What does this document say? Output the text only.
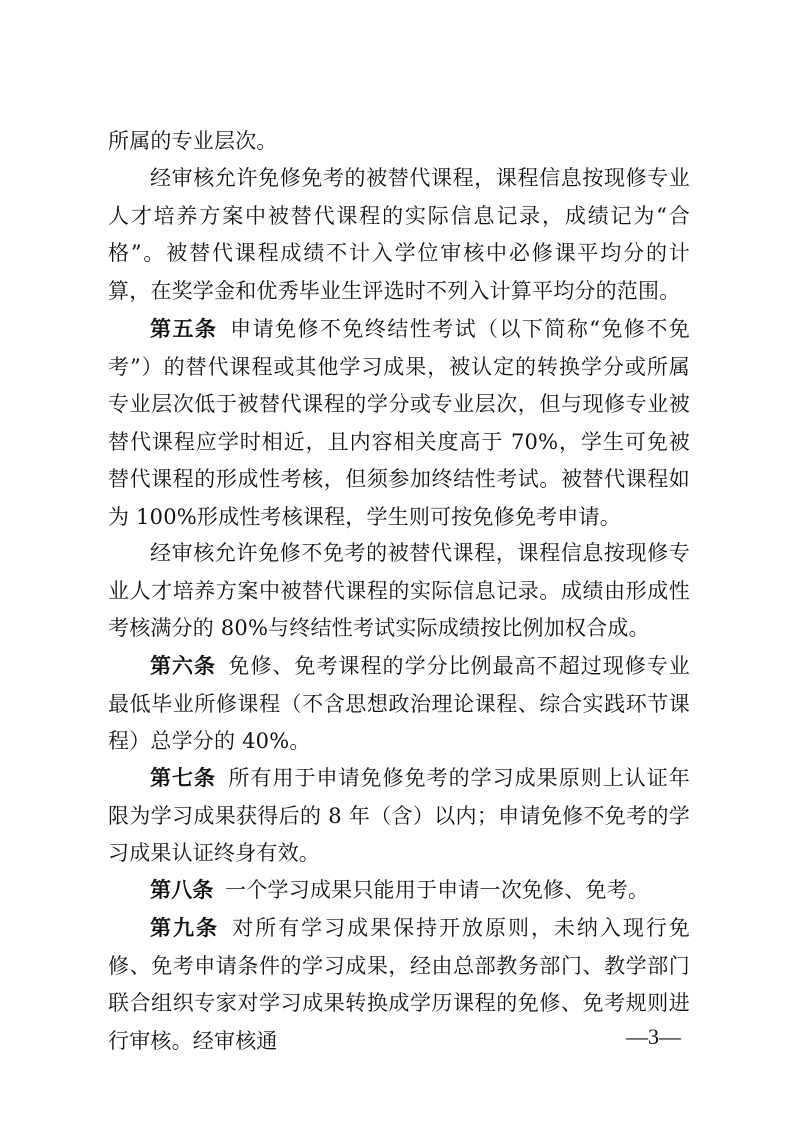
所属的专业层次。

经审核允许免修免考的被替代课程，课程信息按现修专业人才培养方案中被替代课程的实际信息记录，成绩记为“合格”。被替代课程成绩不计入学位审核中必修课平均分的计算，在奖学金和优秀毕业生评选时不列入计算平均分的范围。

第五条 申请免修不免终结性考试（以下简称“免修不免考”）的替代课程或其他学习成果，被认定的转换学分或所属专业层次低于被替代课程的学分或专业层次，但与现修专业被替代课程应学时相近，且内容相关度高于 70%，学生可免被替代课程的形成性考核，但须参加终结性考试。被替代课程如为 100%形成性考核课程，学生则可按免修免考申请。

经审核允许免修不免考的被替代课程，课程信息按现修专业人才培养方案中被替代课程的实际信息记录。成绩由形成性考核满分的 80%与终结性考试实际成绩按比例加权合成。

第六条 免修、免考课程的学分比例最高不超过现修专业最低毕业所修课程（不含思想政治理论课程、综合实践环节课程）总学分的 40%。

第七条 所有用于申请免修免考的学习成果原则上认证年限为学习成果获得后的 8 年（含）以内；申请免修不免考的学习成果认证终身有效。

第八条 一个学习成果只能用于申请一次免修、免考。

第九条 对所有学习成果保持开放原则，未纳入现行免修、免考申请条件的学习成果，经由总部教务部门、教学部门联合组织专家对学习成果转换成学历课程的免修、免考规则进行审核。经审核通	—3—
